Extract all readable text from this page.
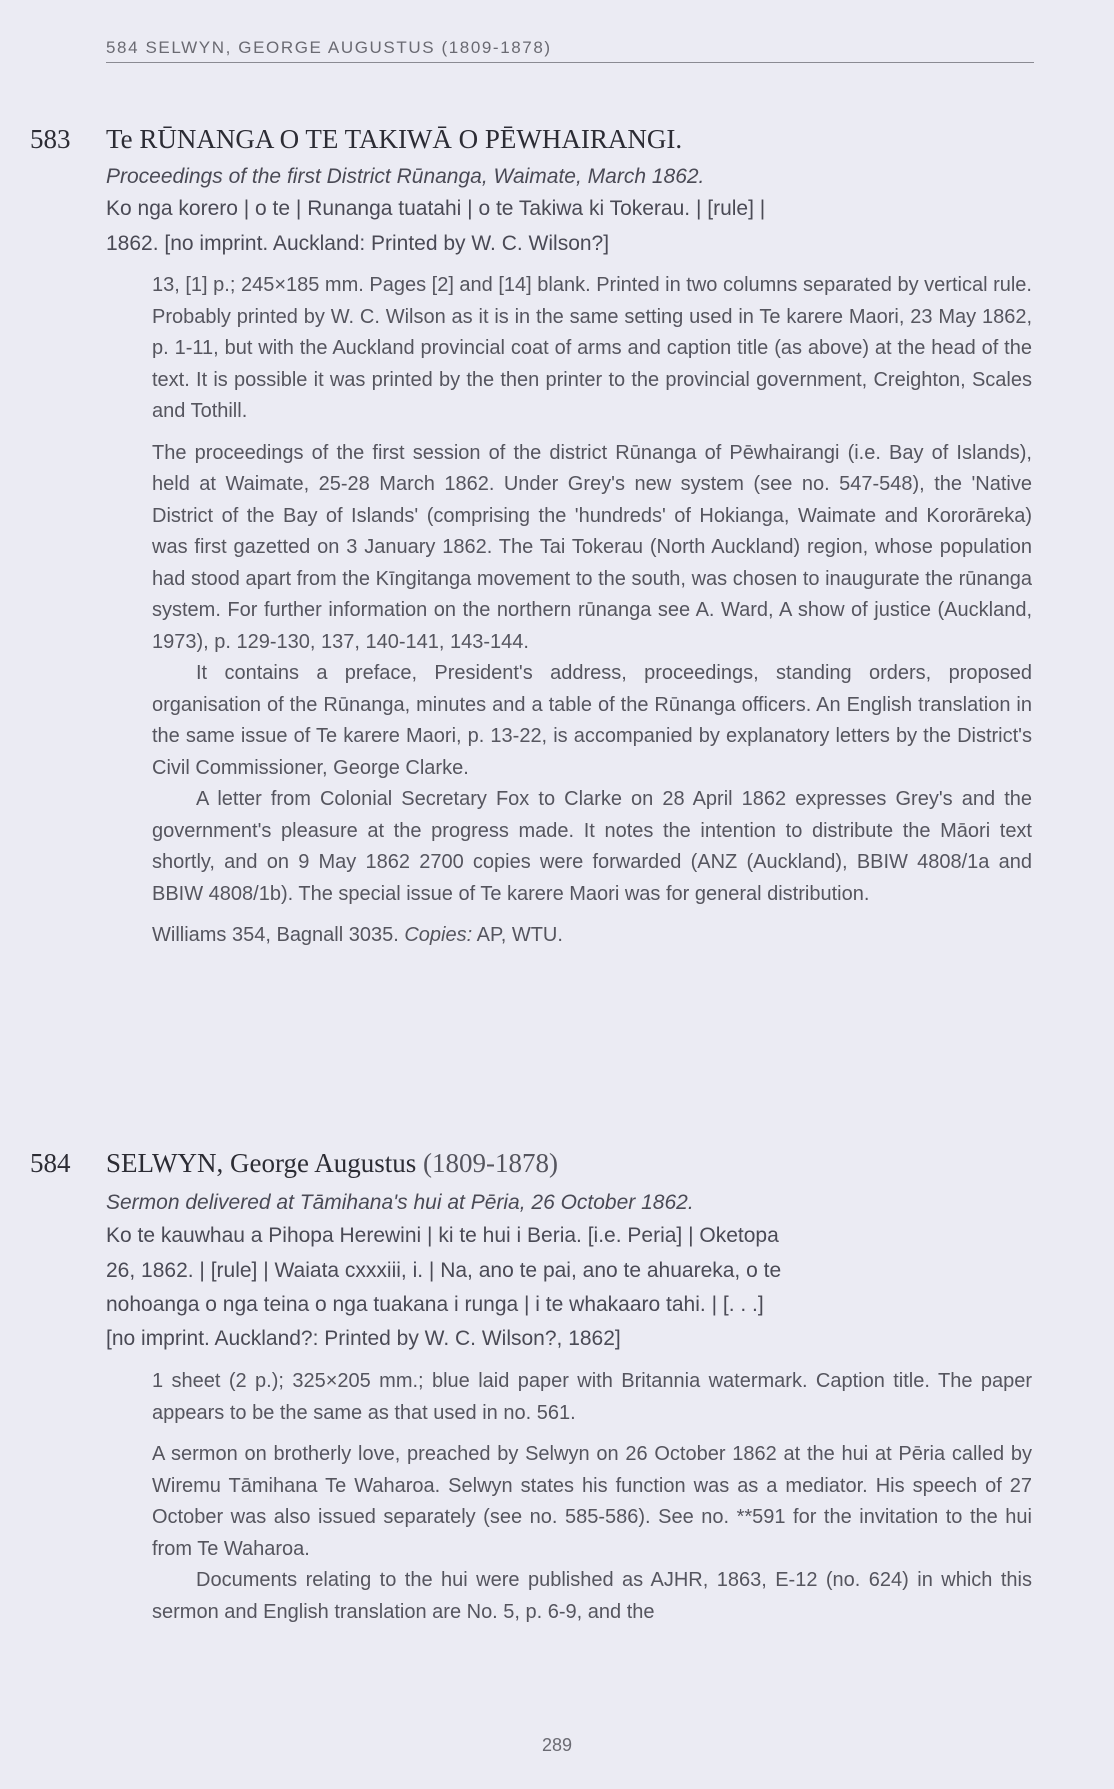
584 SELWYN, GEORGE AUGUSTUS (1809-1878)
583 Te RŪNANGA O TE TAKIWĀ O PĒWHAIRANGI.
Proceedings of the first District Rūnanga, Waimate, March 1862.
Ko nga korero | o te | Runanga tuatahi | o te Takiwa ki Tokerau. | [rule] |
1862. [no imprint. Auckland: Printed by W. C. Wilson?]

13, [1] p.; 245×185 mm. Pages [2] and [14] blank. Printed in two columns separated by vertical rule. Probably printed by W. C. Wilson as it is in the same setting used in Te karere Maori, 23 May 1862, p. 1-11, but with the Auckland provincial coat of arms and caption title (as above) at the head of the text. It is possible it was printed by the then printer to the provincial government, Creighton, Scales and Tothill.

The proceedings of the first session of the district Rūnanga of Pēwhairangi (i.e. Bay of Islands), held at Waimate, 25-28 March 1862. Under Grey's new system (see no. 547-548), the 'Native District of the Bay of Islands' (comprising the 'hundreds' of Hokianga, Waimate and Kororāreka) was first gazetted on 3 January 1862. The Tai Tokerau (North Auckland) region, whose population had stood apart from the Kīngitanga movement to the south, was chosen to inaugurate the rūnanga system. For further information on the northern rūnanga see A. Ward, A show of justice (Auckland, 1973), p. 129-130, 137, 140-141, 143-144.

It contains a preface, President's address, proceedings, standing orders, proposed organisation of the Rūnanga, minutes and a table of the Rūnanga officers. An English translation in the same issue of Te karere Maori, p. 13-22, is accompanied by explanatory letters by the District's Civil Commissioner, George Clarke.

A letter from Colonial Secretary Fox to Clarke on 28 April 1862 expresses Grey's and the government's pleasure at the progress made. It notes the intention to distribute the Māori text shortly, and on 9 May 1862 2700 copies were forwarded (ANZ (Auckland), BBIW 4808/1a and BBIW 4808/1b). The special issue of Te karere Maori was for general distribution.

Williams 354, Bagnall 3035. Copies: AP, WTU.

584 SELWYN, George Augustus (1809-1878)
Sermon delivered at Tāmihana's hui at Pēria, 26 October 1862.
Ko te kauwhau a Pihopa Herewini | ki te hui i Beria. [i.e. Peria] | Oketopa
26, 1862. | [rule] | Waiata cxxxiii, i. | Na, ano te pai, ano te ahuareka, o te
nohoanga o nga teina o nga tuakana i runga | i te whakaaro tahi. | [. . .]
[no imprint. Auckland?: Printed by W. C. Wilson?, 1862]

1 sheet (2 p.); 325×205 mm.; blue laid paper with Britannia watermark. Caption title. The paper appears to be the same as that used in no. 561.

A sermon on brotherly love, preached by Selwyn on 26 October 1862 at the hui at Pēria called by Wiremu Tāmihana Te Waharoa. Selwyn states his function was as a mediator. His speech of 27 October was also issued separately (see no. 585-586). See no. **591 for the invitation to the hui from Te Waharoa.

Documents relating to the hui were published as AJHR, 1863, E-12 (no. 624) in which this sermon and English translation are No. 5, p. 6-9, and the

289
